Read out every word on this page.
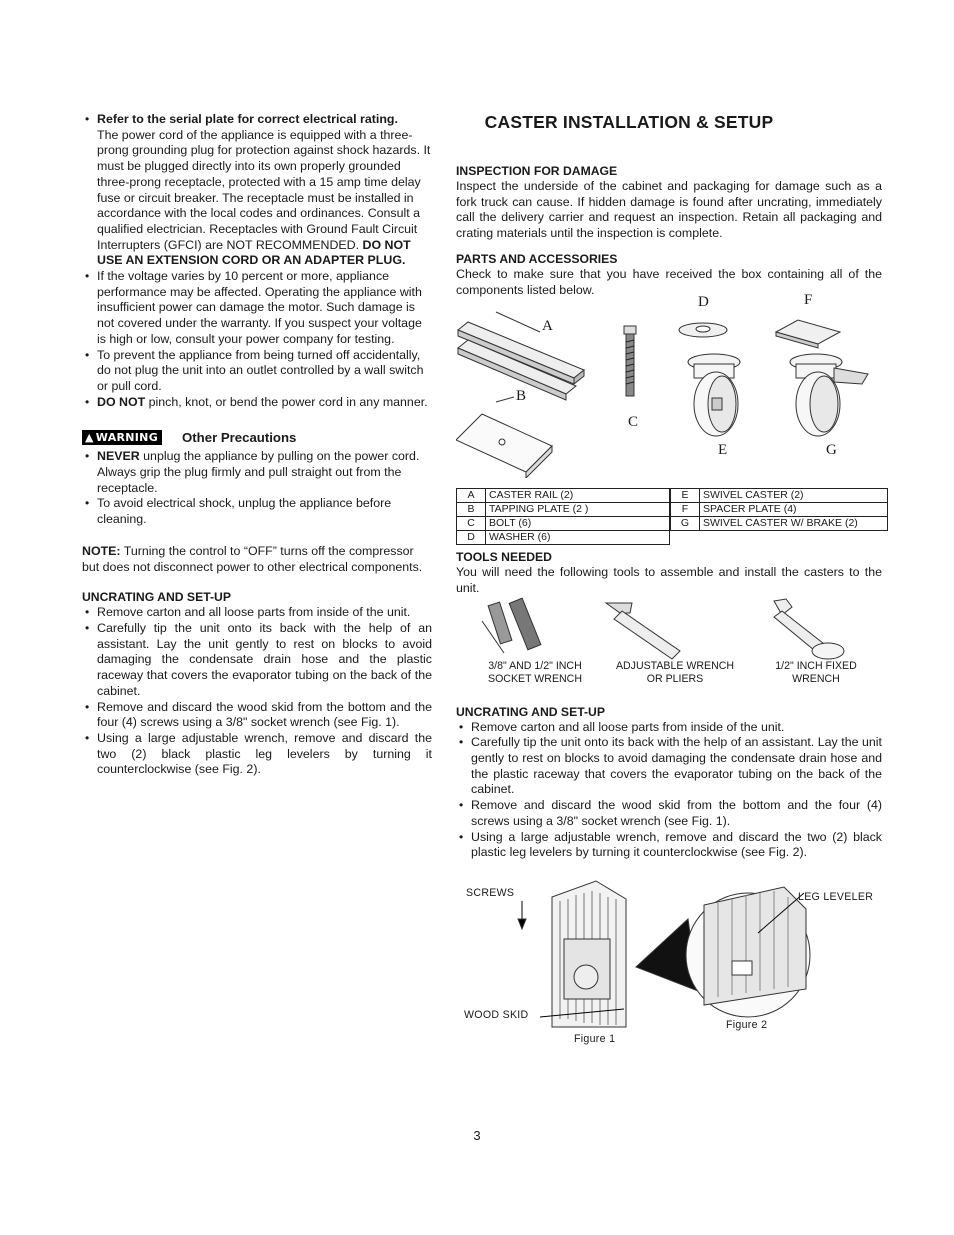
• Refer to the serial plate for correct electrical rating.
The power cord of the appliance is equipped with a three-prong grounding plug for protection against shock hazards. It must be plugged directly into its own properly grounded three-prong receptacle, protected with a 15 amp time delay fuse or circuit breaker. The receptacle must be installed in accordance with the local codes and ordinances. Consult a qualified electrician. Receptacles with Ground Fault Circuit Interrupters (GFCI) are NOT RECOMMENDED. DO NOT USE AN EXTENSION CORD OR AN ADAPTER PLUG.
• If the voltage varies by 10 percent or more, appliance performance may be affected. Operating the appliance with insufficient power can damage the motor. Such damage is not covered under the warranty. If you suspect your voltage is high or low, consult your power company for testing.
• To prevent the appliance from being turned off accidentally, do not plug the unit into an outlet controlled by a wall switch or pull cord.
• DO NOT pinch, knot, or bend the power cord in any manner.
▲ WARNING Other Precautions
• NEVER unplug the appliance by pulling on the power cord. Always grip the plug firmly and pull straight out from the receptacle.
• To avoid electrical shock, unplug the appliance before cleaning.

NOTE: Turning the control to “OFF” turns off the compressor but does not disconnect power to other electrical components.

UNCRATING AND SET-UP
• Remove carton and all loose parts from inside of the unit.
• Carefully tip the unit onto its back with the help of an assistant. Lay the unit gently to rest on blocks to avoid damaging the condensate drain hose and the plastic raceway that covers the evaporator tubing on the back of the cabinet.
• Remove and discard the wood skid from the bottom and the four (4) screws using a 3/8" socket wrench (see Fig. 1).
• Using a large adjustable wrench, remove and discard the two (2) black plastic leg levelers by turning it counterclockwise (see Fig. 2).
CASTER INSTALLATION & SETUP
INSPECTION FOR DAMAGE

Inspect the underside of the cabinet and packaging for damage such as a fork truck can cause. If hidden damage is found after uncrating, immediately call the delivery carrier and request an inspection. Retain all packaging and crating materials until the inspection is complete.

PARTS AND ACCESSORIES

Check to make sure that you have received the box containing all of the components listed below.

A
B
C
D
E
F
G
A	CASTER RAIL (2)
B	TAPPING PLATE (2 )
C	BOLT (6)
D	WASHER (6)
E	SWIVEL CASTER (2)
F	SPACER PLATE (4)
G	SWIVEL CASTER W/ BRAKE (2)
TOOLS NEEDED

You will need the following tools to assemble and install the casters to the unit.

3/8" AND 1/2" INCH
SOCKET WRENCH
ADJUSTABLE WRENCH
OR PLIERS
1/2" INCH FIXED
WRENCH
UNCRATING AND SET-UP
• Remove carton and all loose parts from inside of the unit.
• Carefully tip the unit onto its back with the help of an assistant. Lay the unit gently to rest on blocks to avoid damaging the condensate drain hose and the plastic raceway that covers the evaporator tubing on the back of the cabinet.
• Remove and discard the wood skid from the bottom and the four (4) screws using a 3/8" socket wrench (see Fig. 1).
• Using a large adjustable wrench, remove and discard the two (2) black plastic leg levelers by turning it counterclockwise (see Fig. 2).
SCREWS	LEG LEVELER
WOOD SKID
Figure 1
Figure 2
3
